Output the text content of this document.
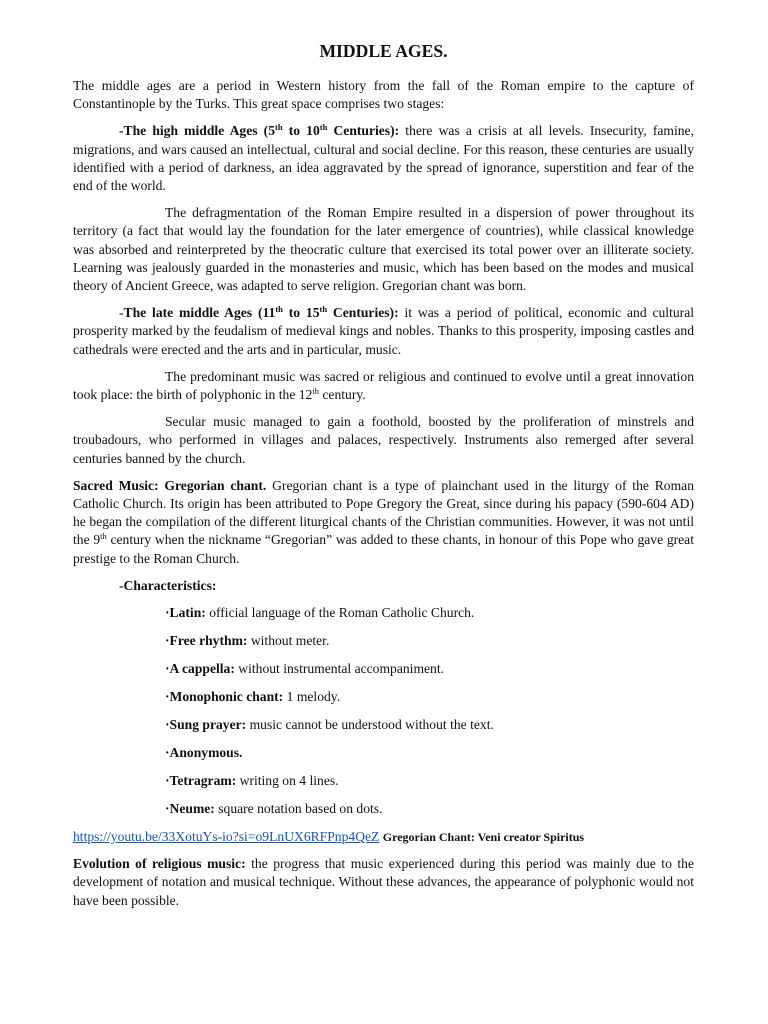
MIDDLE AGES.

The middle ages are a period in Western history from the fall of the Roman empire to the capture of Constantinople by the Turks. This great space comprises two stages:

-The high middle Ages (5th to 10th Centuries): there was a crisis at all levels. Insecurity, famine, migrations, and wars caused an intellectual, cultural and social decline. For this reason, these centuries are usually identified with a period of darkness, an idea aggravated by the spread of ignorance, superstition and fear of the end of the world.

The defragmentation of the Roman Empire resulted in a dispersion of power throughout its territory (a fact that would lay the foundation for the later emergence of countries), while classical knowledge was absorbed and reinterpreted by the theocratic culture that exercised its total power over an illiterate society. Learning was jealously guarded in the monasteries and music, which has been based on the modes and musical theory of Ancient Greece, was adapted to serve religion. Gregorian chant was born.

-The late middle Ages (11th to 15th Centuries): it was a period of political, economic and cultural prosperity marked by the feudalism of medieval kings and nobles. Thanks to this prosperity, imposing castles and cathedrals were erected and the arts and in particular, music.

The predominant music was sacred or religious and continued to evolve until a great innovation took place: the birth of polyphonic in the 12th century.

Secular music managed to gain a foothold, boosted by the proliferation of minstrels and troubadours, who performed in villages and palaces, respectively. Instruments also remerged after several centuries banned by the church.

Sacred Music: Gregorian chant. Gregorian chant is a type of plainchant used in the liturgy of the Roman Catholic Church. Its origin has been attributed to Pope Gregory the Great, since during his papacy (590-604 AD) he began the compilation of the different liturgical chants of the Christian communities. However, it was not until the 9th century when the nickname “Gregorian” was added to these chants, in honour of this Pope who gave great prestige to the Roman Church.

-Characteristics:

·Latin: official language of the Roman Catholic Church.

·Free rhythm: without meter.

·A cappella: without instrumental accompaniment.

·Monophonic chant: 1 melody.

·Sung prayer: music cannot be understood without the text.

·Anonymous.

·Tetragram: writing on 4 lines.

·Neume: square notation based on dots.

https://youtu.be/33XotuYs-io?si=o9LnUX6RFPnp4QeZ Gregorian Chant: Veni creator Spiritus

Evolution of religious music: the progress that music experienced during this period was mainly due to the development of notation and musical technique. Without these advances, the appearance of polyphonic would not have been possible.
